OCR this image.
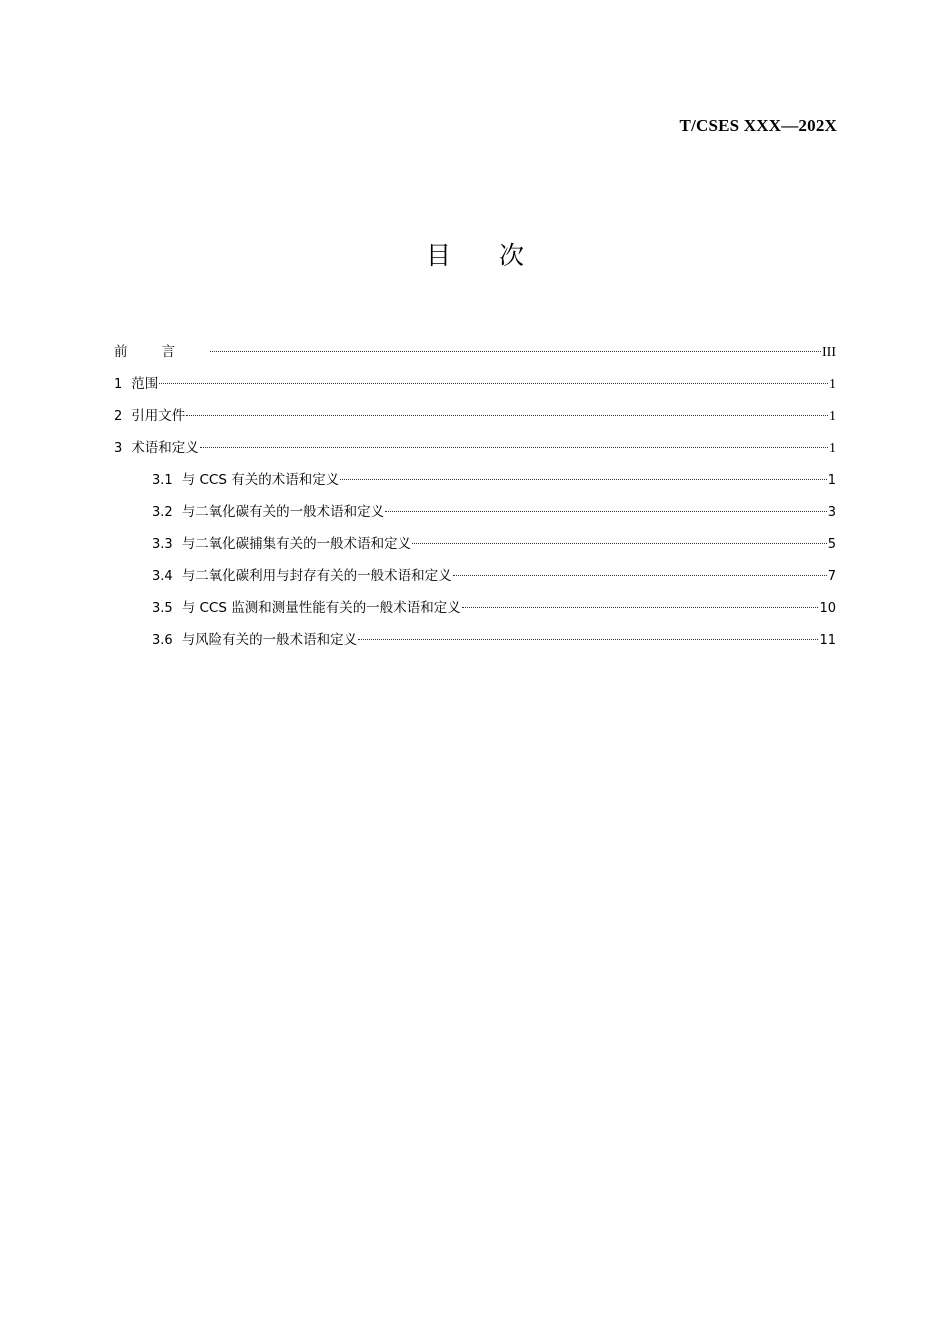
T/CSES XXX—202X
目 次
前言	III
1 范围	1
2 引用文件	1
3 术语和定义	1
3.1 与 CCS 有关的术语和定义	1
3.2 与二氧化碳有关的一般术语和定义	3
3.3 与二氧化碳捕集有关的一般术语和定义	5
3.4 与二氧化碳利用与封存有关的一般术语和定义	7
3.5 与 CCS 监测和测量性能有关的一般术语和定义	10
3.6 与风险有关的一般术语和定义	11
